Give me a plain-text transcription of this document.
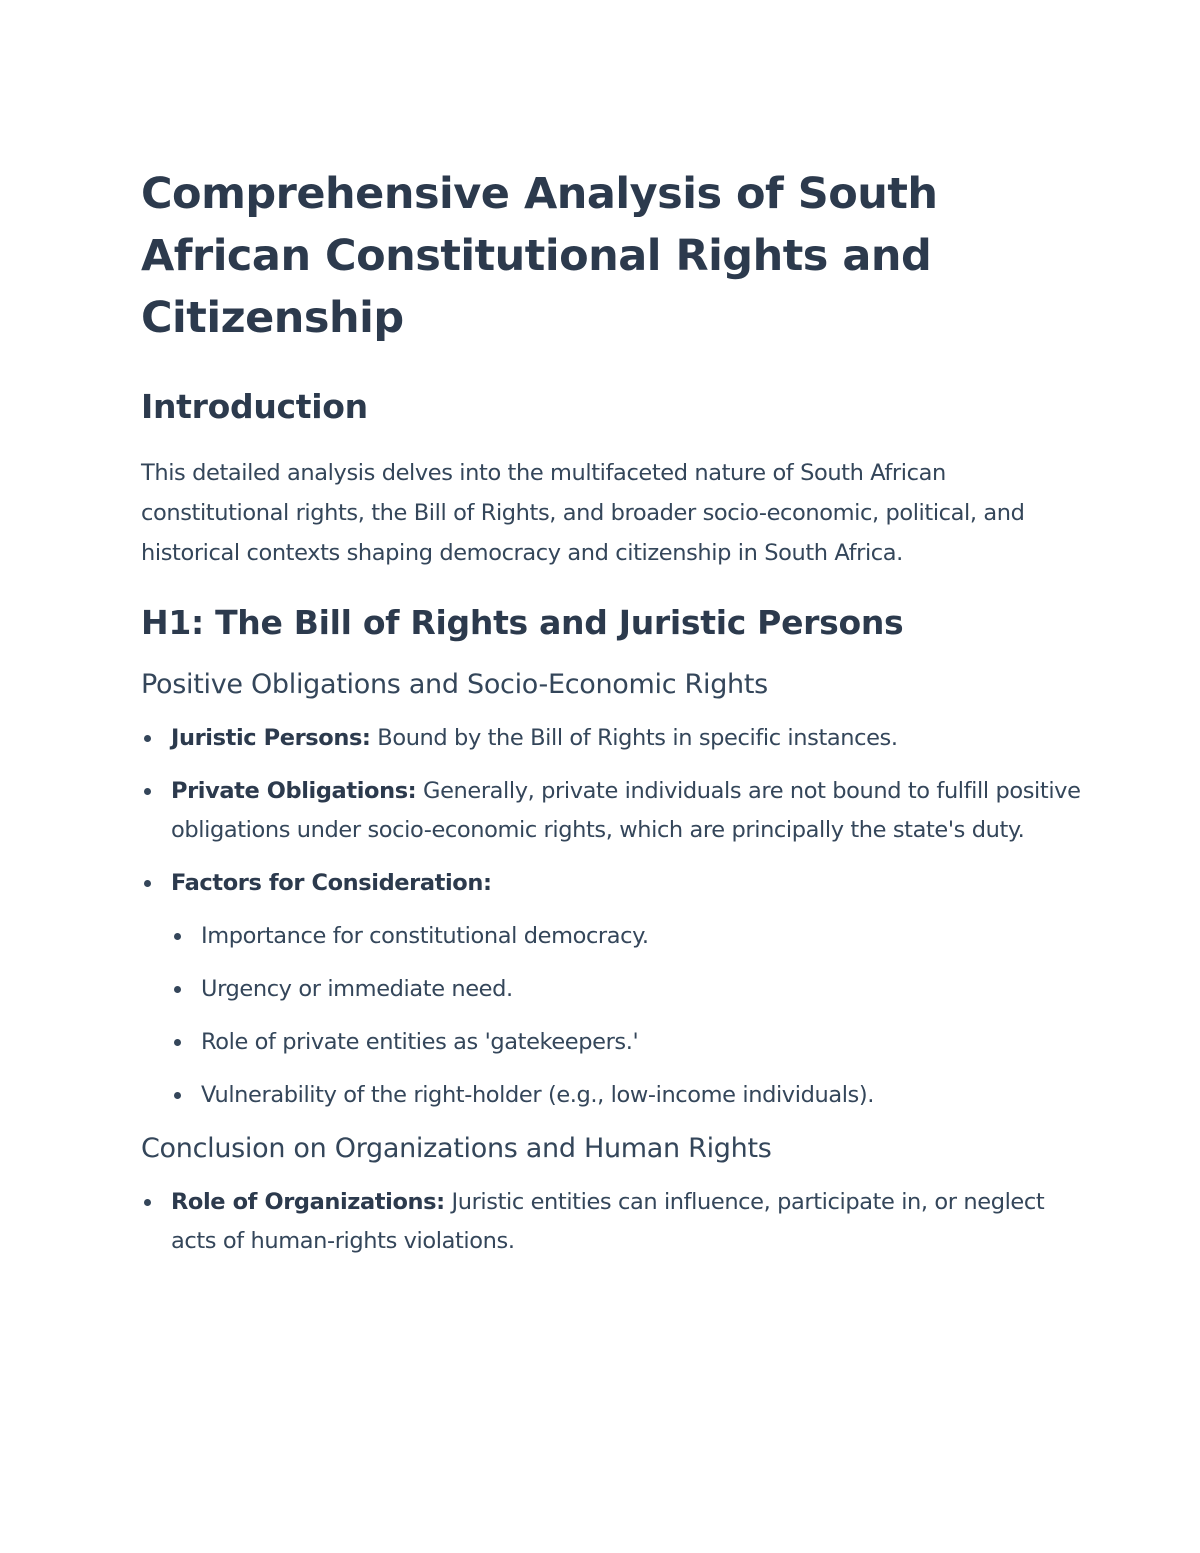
Comprehensive Analysis of South African Constitutional Rights and Citizenship
Introduction

This detailed analysis delves into the multifaceted nature of South African constitutional rights, the Bill of Rights, and broader socio-economic, political, and historical contexts shaping democracy and citizenship in South Africa.

H1: The Bill of Rights and Juristic Persons
Positive Obligations and Socio-Economic Rights
Juristic Persons: Bound by the Bill of Rights in specific instances.
Private Obligations: Generally, private individuals are not bound to fulfill positive obligations under socio-economic rights, which are principally the state's duty.
Factors for Consideration:
Importance for constitutional democracy.
Urgency or immediate need.
Role of private entities as 'gatekeepers.'
Vulnerability of the right-holder (e.g., low-income individuals).
Conclusion on Organizations and Human Rights
Role of Organizations: Juristic entities can influence, participate in, or neglect acts of human-rights violations.
